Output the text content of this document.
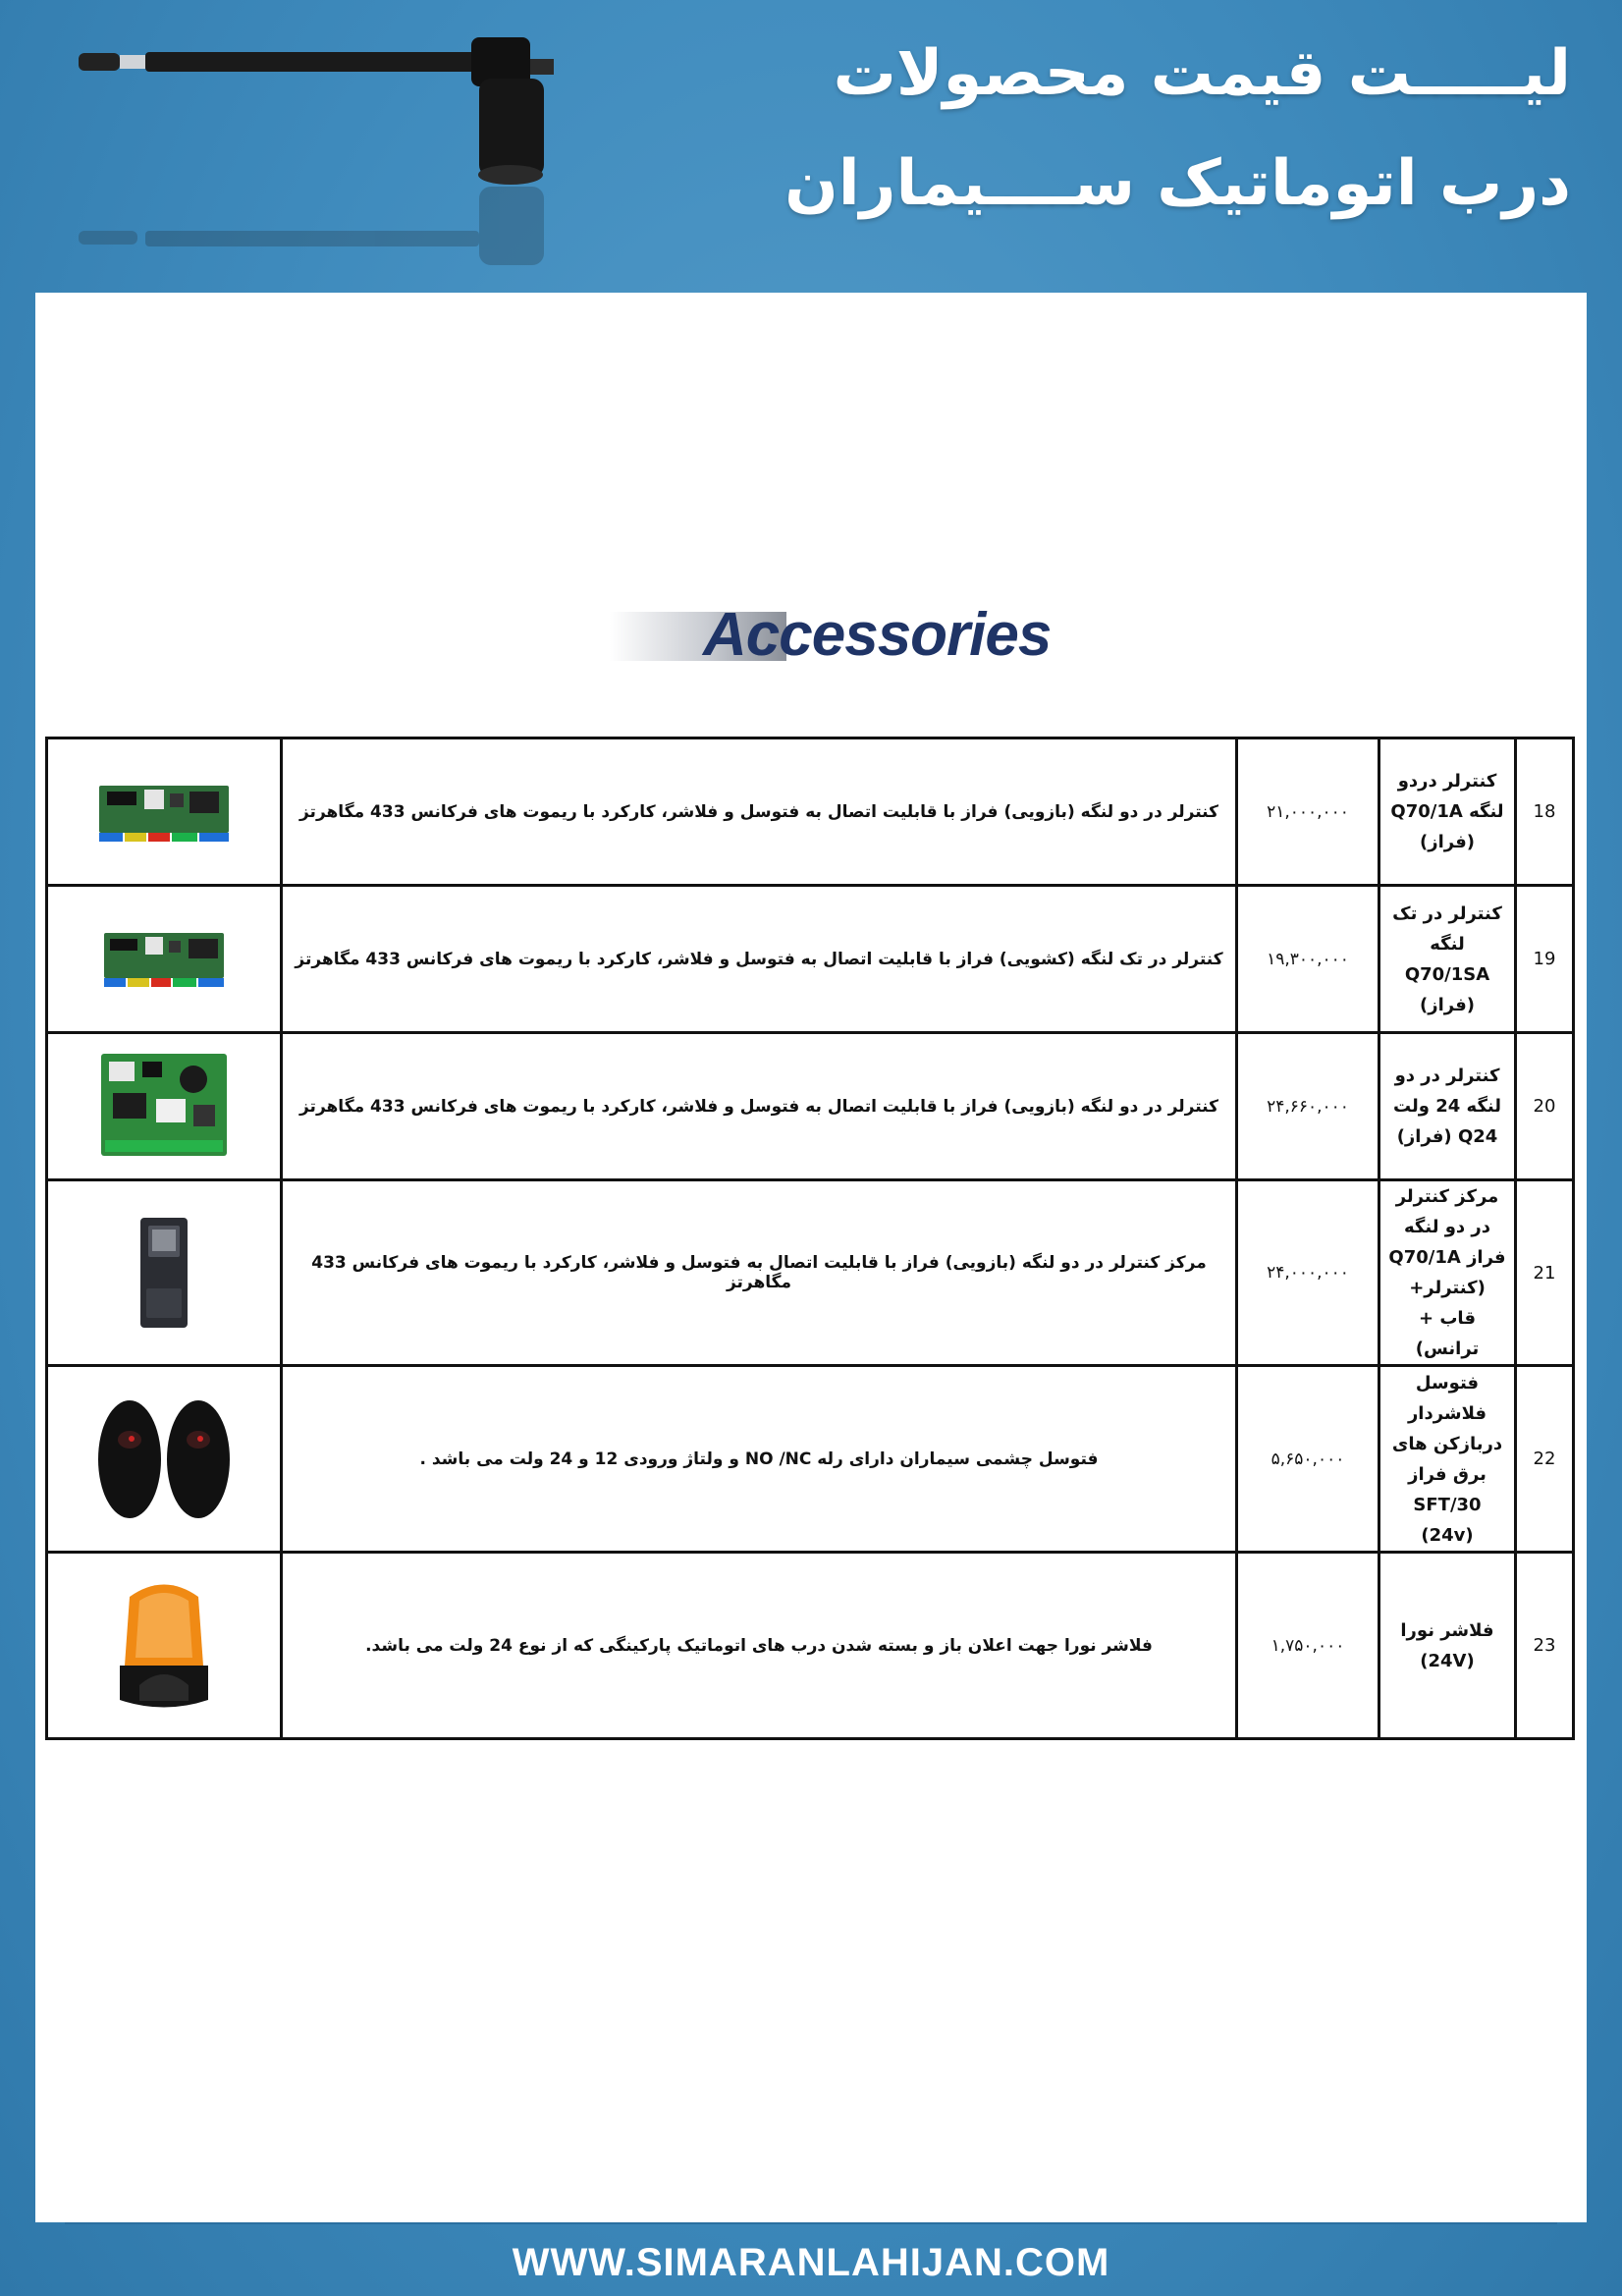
لیـــــت قیمت محصولات
درب اتوماتیک ســــیماران
Accessories
18	کنترلر دردو لنگه Q70/1A (فراز)	۲۱,۰۰۰,۰۰۰	کنترلر در دو لنگه (بازویی) فراز با قابلیت اتصال به فتوسل و فلاشر، کارکرد با ریموت های فرکانس 433 مگاهرتز	

19	کنترلر در تک لنگه Q70/1SA (فراز)	۱۹,۳۰۰,۰۰۰	کنترلر در تک لنگه (کشویی) فراز با قابلیت اتصال به فتوسل و فلاشر، کارکرد با ریموت های فرکانس 433 مگاهرتز	

20	کنترلر در دو لنگه 24 ولت Q24 (فراز)	۲۴,۶۶۰,۰۰۰	کنترلر در دو لنگه (بازویی) فراز با قابلیت اتصال به فتوسل و فلاشر، کارکرد با ریموت های فرکانس 433 مگاهرتز	

21	مرکز کنترلر در دو لنگه فراز Q70/1A (کنترلر+ قاب + ترانس)	۲۴,۰۰۰,۰۰۰	مرکز کنترلر در دو لنگه (بازویی) فراز با قابلیت اتصال به فتوسل و فلاشر، کارکرد با ریموت های فرکانس 433 مگاهرتز	

22	فتوسل فلاشردار دربازکن های برق فراز SFT/30 (24v)	۵,۶۵۰,۰۰۰	فتوسل چشمی سیماران دارای رله NO /NC و ولتاژ ورودی 12 و 24 ولت می باشد .	

23	فلاشر نورا (24V)	۱,۷۵۰,۰۰۰	فلاشر نورا جهت اعلان باز و بسته شدن درب های اتوماتیک پارکینگی که از نوع 24 ولت می باشد.	
WWW.SIMARANLAHIJAN.COM
